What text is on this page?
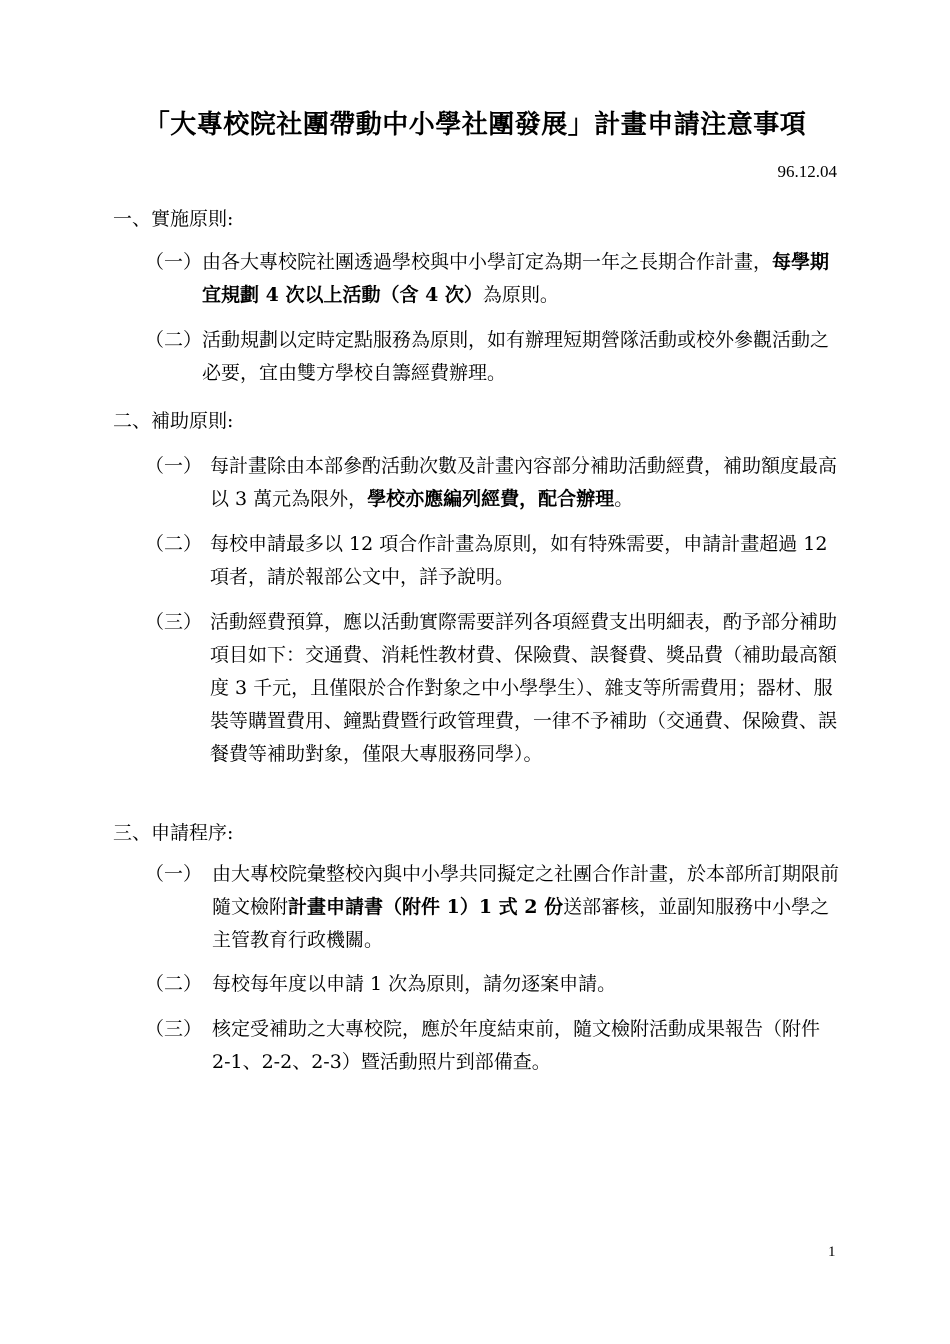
「大專校院社團帶動中小學社團發展」計畫申請注意事項
96.12.04
一、實施原則:
（一） 由各大專校院社團透過學校與中小學訂定為期一年之長期合作計畫，每學期宜規劃 4 次以上活動（含 4 次）為原則。
（二） 活動規劃以定時定點服務為原則，如有辦理短期營隊活動或校外參觀活動之必要，宜由雙方學校自籌經費辦理。
二、補助原則:
（一） 每計畫除由本部參酌活動次數及計畫內容部分補助活動經費，補助額度最高以 3 萬元為限外，學校亦應編列經費，配合辦理。
（二） 每校申請最多以 12 項合作計畫為原則，如有特殊需要，申請計畫超過 12 項者，請於報部公文中，詳予說明。
（三） 活動經費預算，應以活動實際需要詳列各項經費支出明細表，酌予部分補助項目如下：交通費、消耗性教材費、保險費、誤餐費、獎品費（補助最高額度 3 千元，且僅限於合作對象之中小學學生）、雜支等所需費用；器材、服裝等購置費用、鐘點費暨行政管理費，一律不予補助（交通費、保險費、誤餐費等補助對象，僅限大專服務同學）。
三、申請程序:
（一） 由大專校院彙整校內與中小學共同擬定之社團合作計畫，於本部所訂期限前隨文檢附計畫申請書（附件 1）1 式 2 份送部審核，並副知服務中小學之主管教育行政機關。
（二） 每校每年度以申請 1 次為原則，請勿逐案申請。
（三） 核定受補助之大專校院，應於年度結束前，隨文檢附活動成果報告（附件 2-1、2-2、2-3）暨活動照片到部備查。
1
